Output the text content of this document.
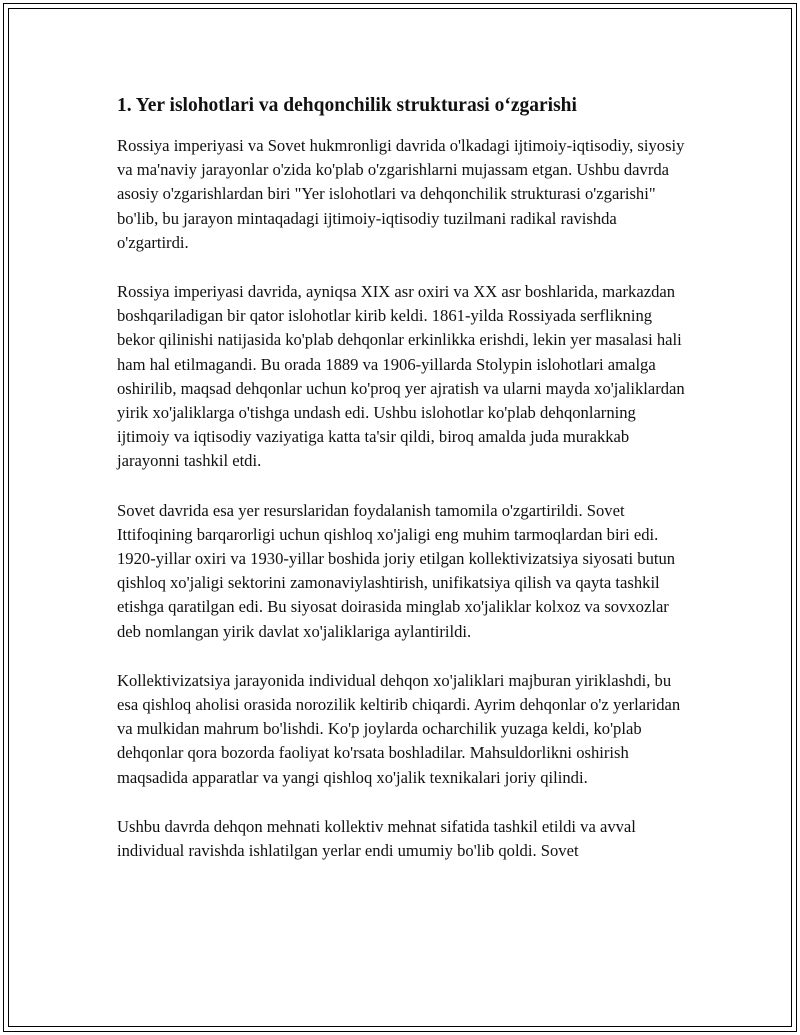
1. Yer islohotlari va dehqonchilik strukturasi o‘zgarishi

Rossiya imperiyasi va Sovet hukmronligi davrida o'lkadagi ijtimoiy-iqtisodiy, siyosiy va ma'naviy jarayonlar o'zida ko'plab o'zgarishlarni mujassam etgan. Ushbu davrda asosiy o'zgarishlardan biri "Yer islohotlari va dehqonchilik strukturasi o'zgarishi" bo'lib, bu jarayon mintaqadagi ijtimoiy-iqtisodiy tuzilmani radikal ravishda o'zgartirdi.

Rossiya imperiyasi davrida, ayniqsa XIX asr oxiri va XX asr boshlarida, markazdan boshqariladigan bir qator islohotlar kirib keldi. 1861-yilda Rossiyada serflikning bekor qilinishi natijasida ko'plab dehqonlar erkinlikka erishdi, lekin yer masalasi hali ham hal etilmagandi. Bu orada 1889 va 1906-yillarda Stolypin islohotlari amalga oshirilib, maqsad dehqonlar uchun ko'proq yer ajratish va ularni mayda xo'jaliklardan yirik xo'jaliklarga o'tishga undash edi. Ushbu islohotlar ko'plab dehqonlarning ijtimoiy va iqtisodiy vaziyatiga katta ta'sir qildi, biroq amalda juda murakkab jarayonni tashkil etdi.

Sovet davrida esa yer resurslaridan foydalanish tamomila o'zgartirildi. Sovet Ittifoqining barqarorligi uchun qishloq xo'jaligi eng muhim tarmoqlardan biri edi. 1920-yillar oxiri va 1930-yillar boshida joriy etilgan kollektivizatsiya siyosati butun qishloq xo'jaligi sektorini zamonaviylashtirish, unifikatsiya qilish va qayta tashkil etishga qaratilgan edi. Bu siyosat doirasida minglab xo'jaliklar kolxoz va sovxozlar deb nomlangan yirik davlat xo'jaliklariga aylantirildi.

Kollektivizatsiya jarayonida individual dehqon xo'jaliklari majburan yiriklashdi, bu esa qishloq aholisi orasida norozilik keltirib chiqardi. Ayrim dehqonlar o'z yerlaridan va mulkidan mahrum bo'lishdi. Ko'p joylarda ocharchilik yuzaga keldi, ko'plab dehqonlar qora bozorda faoliyat ko'rsata boshladilar. Mahsuldorlikni oshirish maqsadida apparatlar va yangi qishloq xo'jalik texnikalari joriy qilindi.

Ushbu davrda dehqon mehnati kollektiv mehnat sifatida tashkil etildi va avval individual ravishda ishlatilgan yerlar endi umumiy bo'lib qoldi. Sovet
